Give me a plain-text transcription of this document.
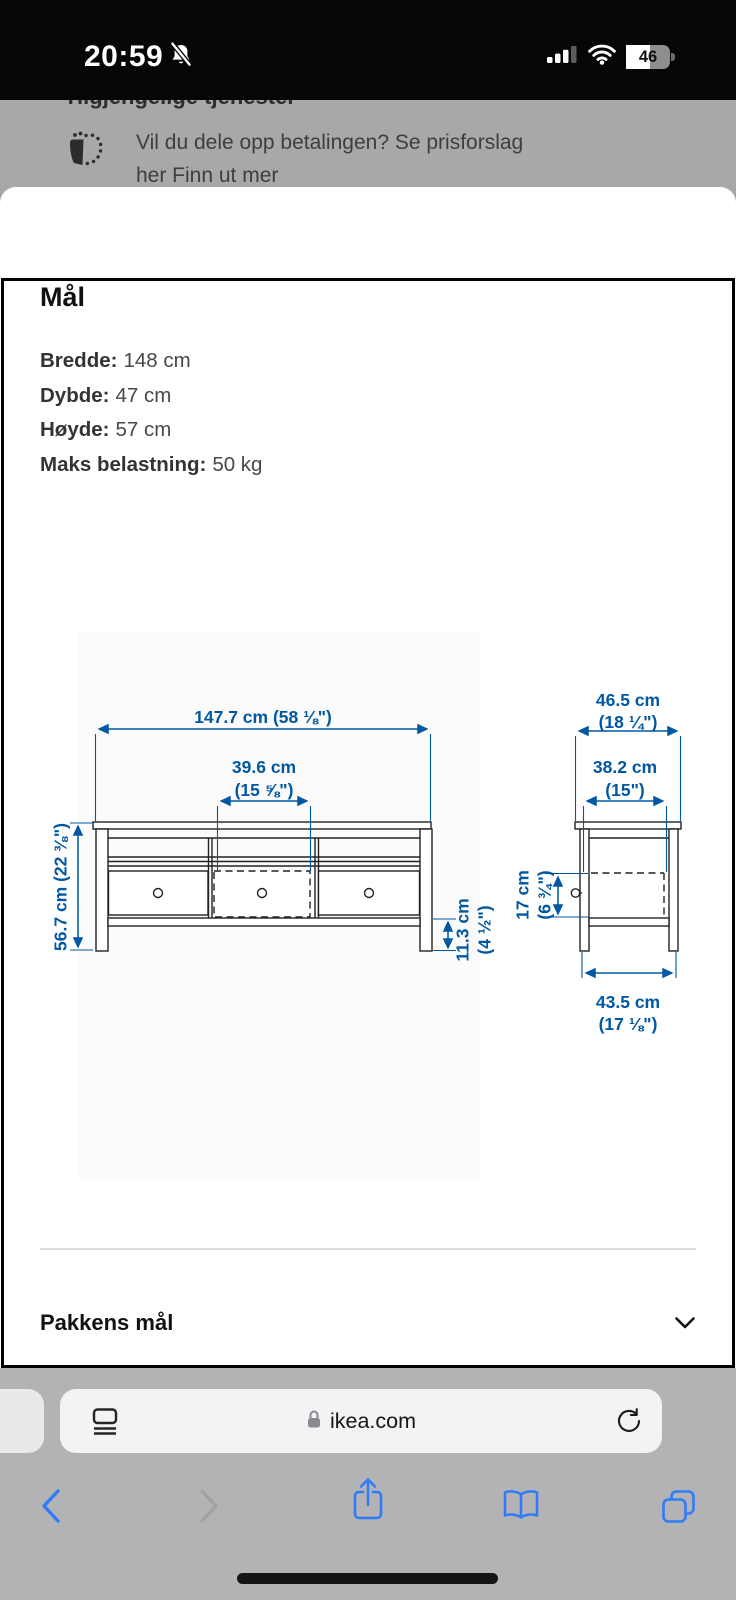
Vil du dele opp betalingen? Se prisforslag
her Finn ut mer
20:59	46
Mål
Bredde: 148 cm
Dybde: 47 cm
Høyde: 57 cm
Maks belastning: 50 kg
147.7 cm (58 ⅛")
39.6 cm
(15 ⅝")
56.7 cm (22 ⅜")	11.3 cm (4 ½")
46.5 cm
(18 ¼")
38.2 cm
(15")
17 cm (6 ¾")
43.5 cm
(17 ⅛")
Pakkens mål
ikea.com
